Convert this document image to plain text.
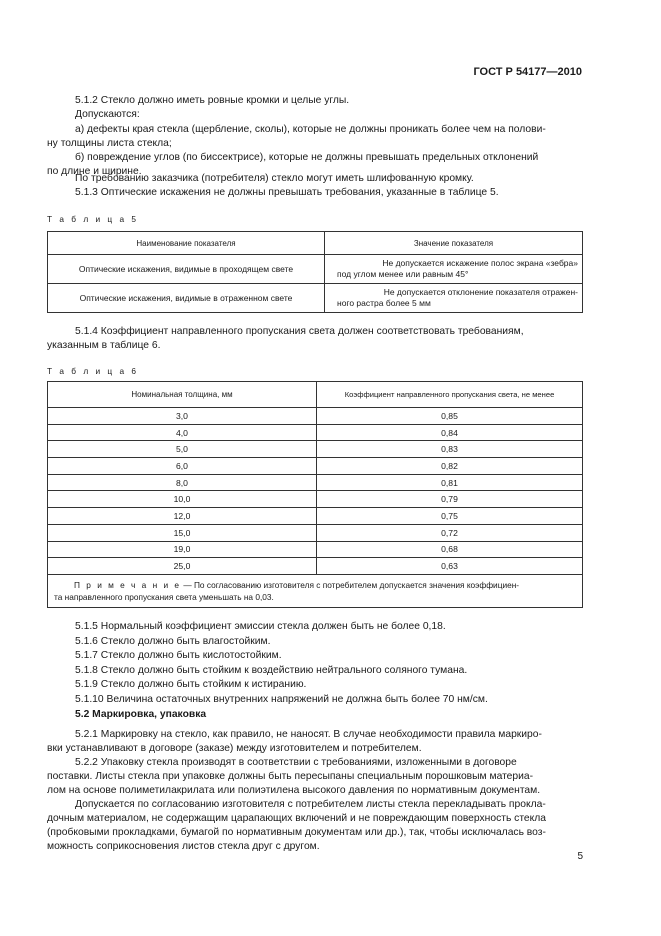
ГОСТ Р 54177—2010
5.1.2 Стекло должно иметь ровные кромки и целые углы.
Допускаются:
а) дефекты края стекла (щербление, сколы), которые не должны проникать более чем на полови-
ну толщины листа стекла;
б) повреждение углов (по биссектрисе), которые не должны превышать предельных отклонений
по длине и ширине.
По требованию заказчика (потребителя) стекло могут иметь шлифованную кромку.
5.1.3 Оптические искажения не должны превышать требования, указанные в таблице 5.
Т а б л и ц а 5
Наименование показателя	Значение показателя
Оптические искажения, видимые в проходящем свете	Не допускается искажение полос экрана «зебра»
под углом менее или равным 45°

Оптические искажения, видимые в отраженном свете	Не допускается отклонение показателя отражен-
ного растра более 5 мм
5.1.4 Коэффициент направленного пропускания света должен соответствовать требованиям,
указанным в таблице 6.
Т а б л и ц а 6
Номинальная толщина, мм	Коэффициент направленного пропускания света, не менее
3,0	0,85
4,0	0,84
5,0	0,83
6,0	0,82
8,0	0,81
10,0	0,79
12,0	0,75
15,0	0,72
19,0	0,68
25,0	0,63

П р и м е ч а н и е — По согласованию изготовителя с потребителем допускается значения коэффициен-
та направленного пропускания света уменьшать на 0,03.	
5.1.5 Нормальный коэффициент эмиссии стекла должен быть не более 0,18.
5.1.6 Стекло должно быть влагостойким.
5.1.7 Стекло должно быть кислотостойким.
5.1.8 Стекло должно быть стойким к воздействию нейтрального соляного тумана.
5.1.9 Стекло должно быть стойким к истиранию.
5.1.10 Величина остаточных внутренних напряжений не должна быть более 70 нм/см.
5.2 Маркировка, упаковка
5.2.1 Маркировку на стекло, как правило, не наносят. В случае необходимости правила маркиро-
вки устанавливают в договоре (заказе) между изготовителем и потребителем.
5.2.2 Упаковку стекла производят в соответствии с требованиями, изложенными в договоре
поставки. Листы стекла при упаковке должны быть пересыпаны специальным порошковым материа-
лом на основе полиметилакрилата или полиэтилена высокого давления по нормативным документам.
Допускается по согласованию изготовителя с потребителем листы стекла перекладывать прокла-
дочным материалом, не содержащим царапающих включений и не повреждающим поверхность стекла
(пробковыми прокладками, бумагой по нормативным документам или др.), так, чтобы исключалась воз-
можность соприкосновения листов стекла друг с другом.
5
